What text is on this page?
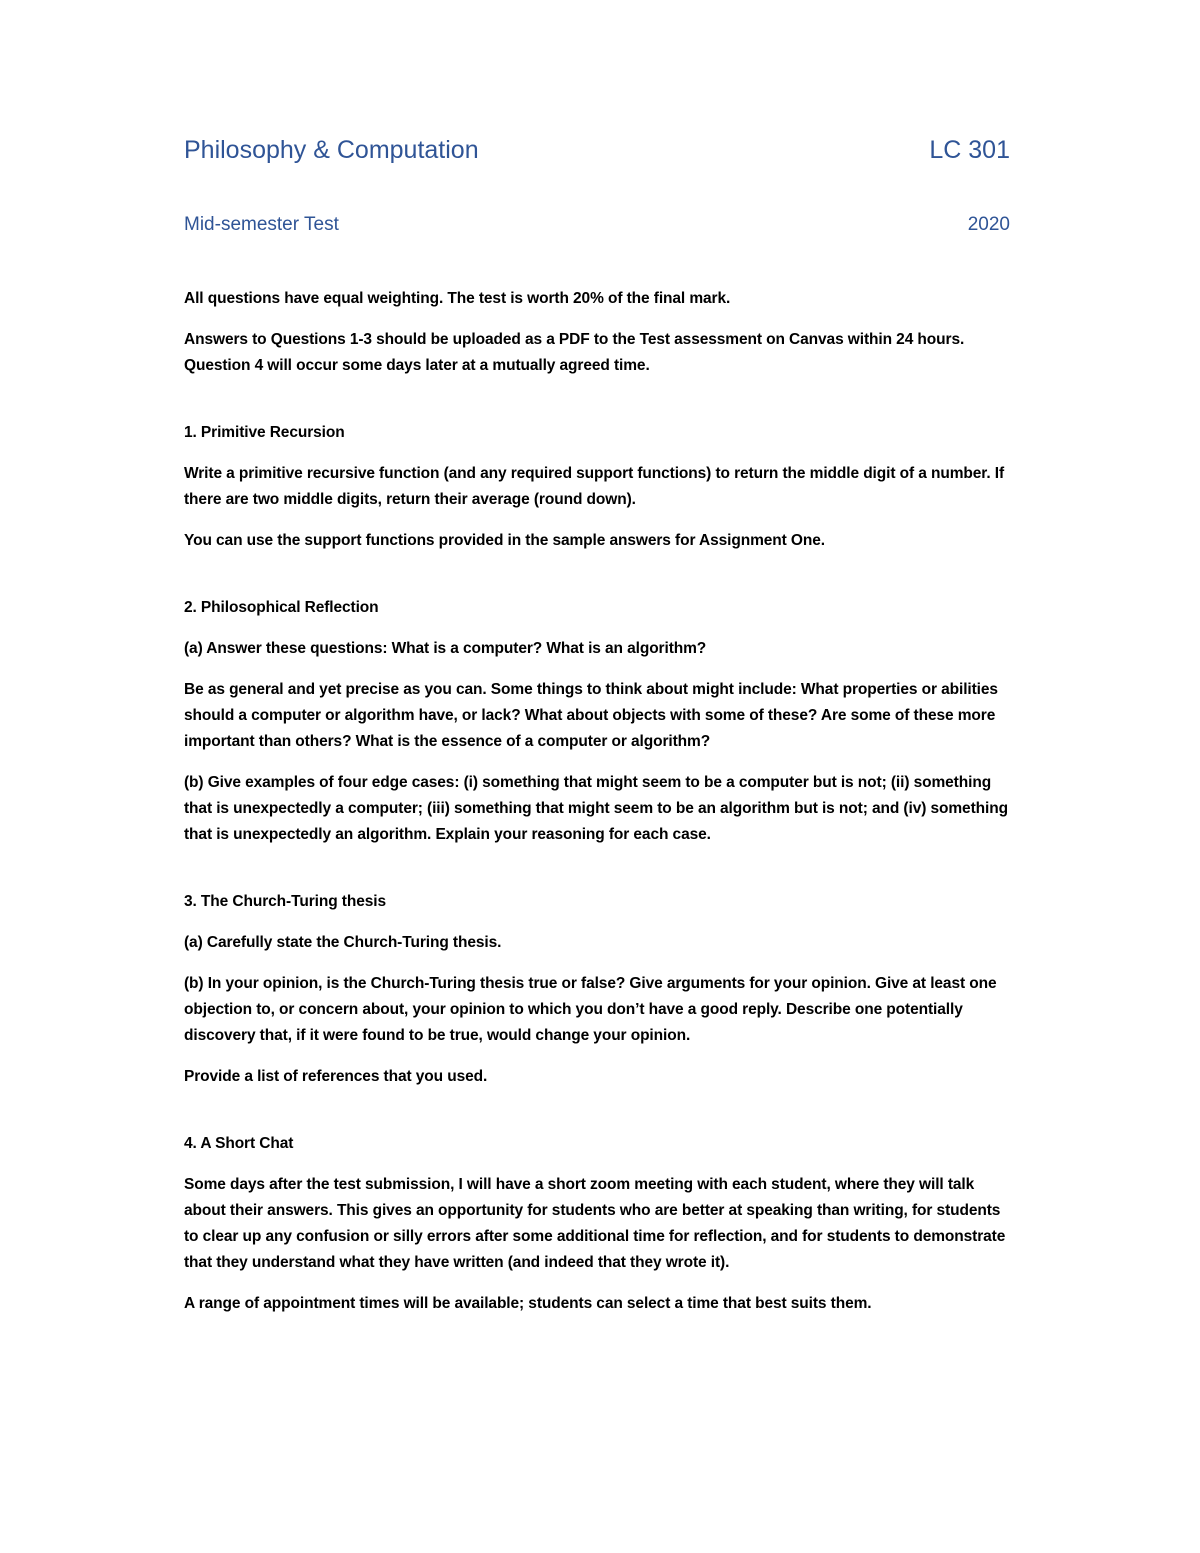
Philosophy & Computation	LC 301
Mid-semester Test	2020

All questions have equal weighting. The test is worth 20% of the final mark.

Answers to Questions 1-3 should be uploaded as a PDF to the Test assessment on Canvas within 24 hours. Question 4 will occur some days later at a mutually agreed time.

1. Primitive Recursion

Write a primitive recursive function (and any required support functions) to return the middle digit of a number. If there are two middle digits, return their average (round down).

You can use the support functions provided in the sample answers for Assignment One.

2. Philosophical Reflection

(a) Answer these questions: What is a computer? What is an algorithm?

Be as general and yet precise as you can. Some things to think about might include: What properties or abilities should a computer or algorithm have, or lack? What about objects with some of these? Are some of these more important than others? What is the essence of a computer or algorithm?

(b) Give examples of four edge cases: (i) something that might seem to be a computer but is not; (ii) something that is unexpectedly a computer; (iii) something that might seem to be an algorithm but is not; and (iv) something that is unexpectedly an algorithm. Explain your reasoning for each case.

3. The Church-Turing thesis

(a) Carefully state the Church-Turing thesis.

(b) In your opinion, is the Church-Turing thesis true or false? Give arguments for your opinion. Give at least one objection to, or concern about, your opinion to which you don’t have a good reply. Describe one potentially discovery that, if it were found to be true, would change your opinion.

Provide a list of references that you used.

4. A Short Chat

Some days after the test submission, I will have a short zoom meeting with each student, where they will talk about their answers. This gives an opportunity for students who are better at speaking than writing, for students to clear up any confusion or silly errors after some additional time for reflection, and for students to demonstrate that they understand what they have written (and indeed that they wrote it).

A range of appointment times will be available; students can select a time that best suits them.
